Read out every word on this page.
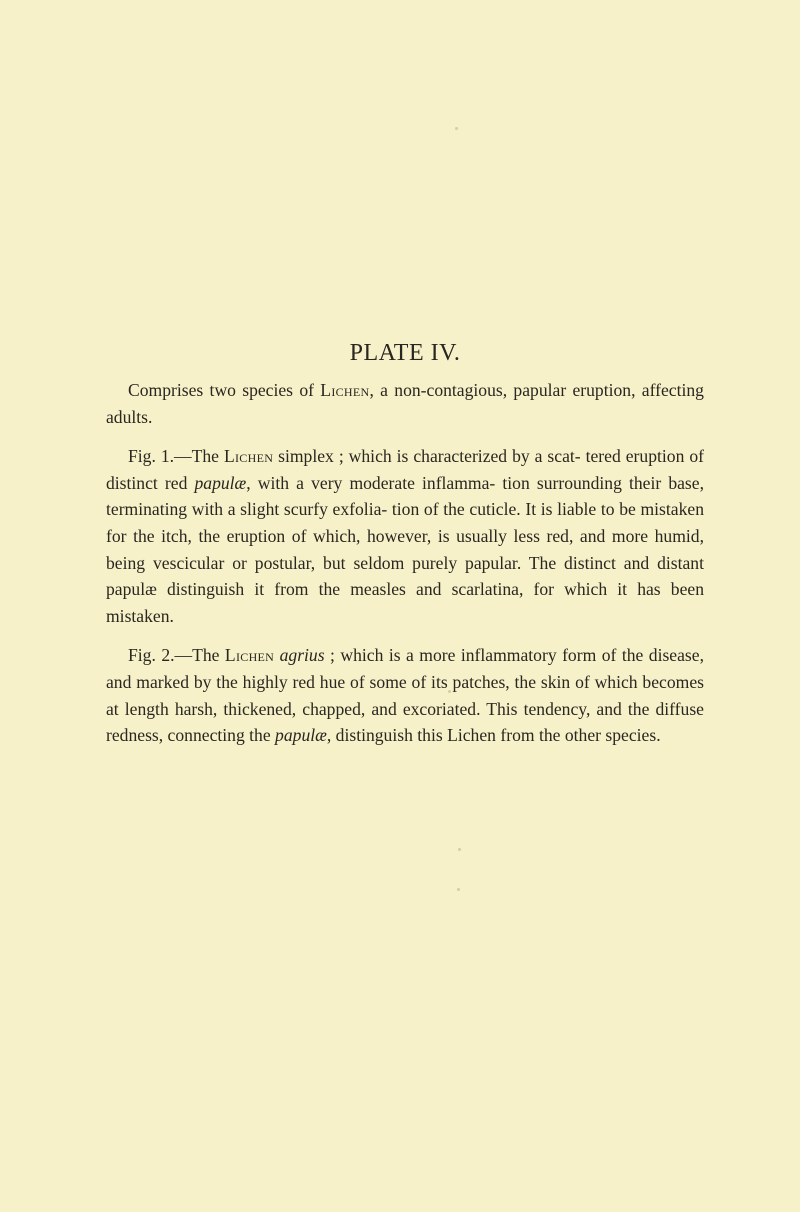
PLATE IV.

Comprises two species of Lichen, a non-contagious, papular eruption, affecting adults.

Fig. 1.—The Lichen simplex ; which is characterized by a scat- tered eruption of distinct red papulæ, with a very moderate inflamma- tion surrounding their base, terminating with a slight scurfy exfolia- tion of the cuticle. It is liable to be mistaken for the itch, the eruption of which, however, is usually less red, and more humid, being vescicular or postular, but seldom purely papular. The distinct and distant papulæ distinguish it from the measles and scarlatina, for which it has been mistaken.

Fig. 2.—The Lichen agrius ; which is a more inflammatory form of the disease, and marked by the highly red hue of some of its patches, the skin of which becomes at length harsh, thickened, chapped, and excoriated. This tendency, and the diffuse redness, connecting the papulæ, distinguish this Lichen from the other species.
